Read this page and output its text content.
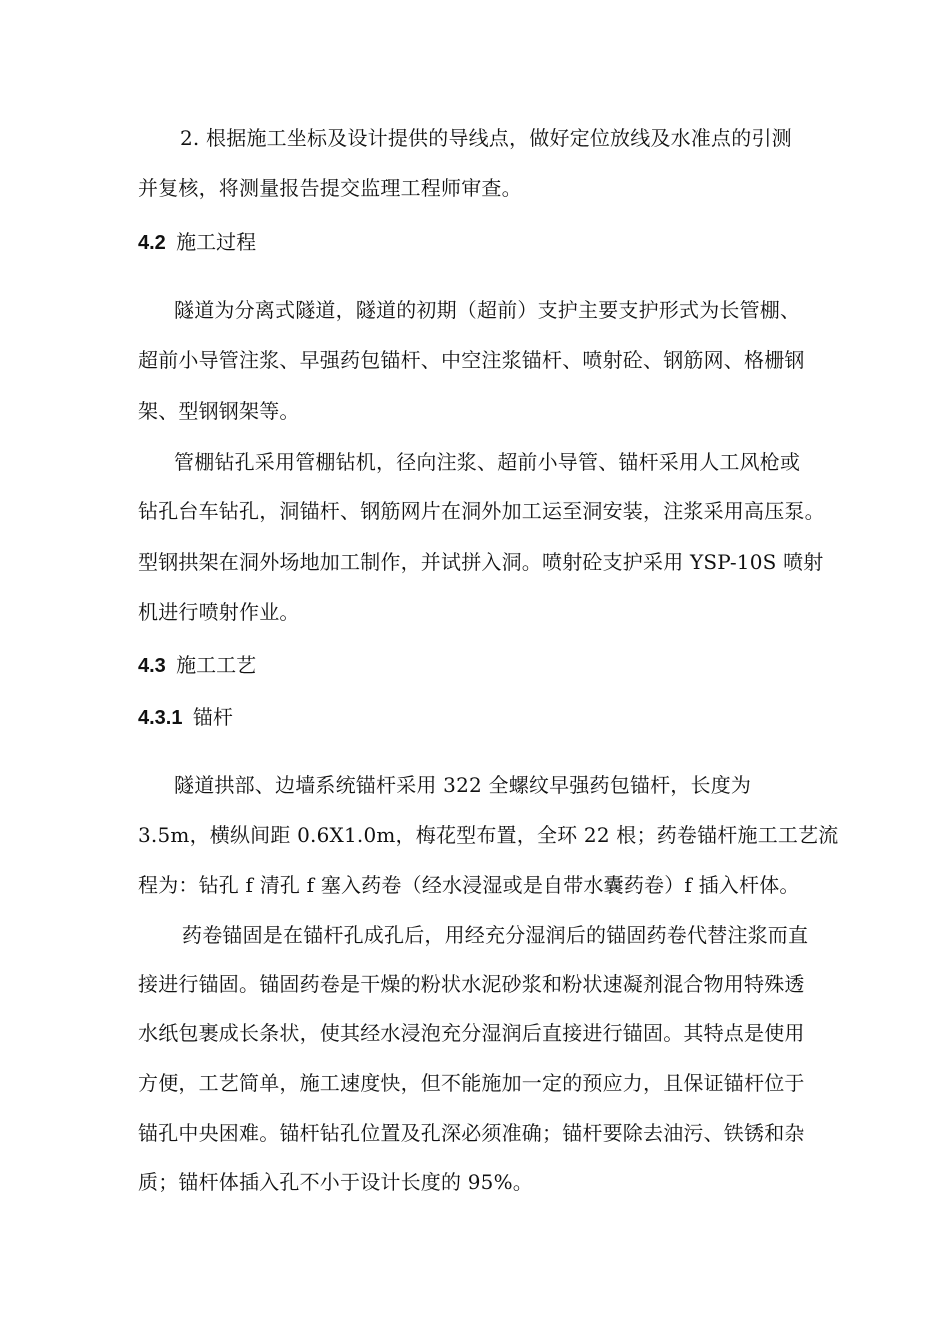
2. 根据施工坐标及设计提供的导线点，做好定位放线及水准点的引测
并复核，将测量报告提交监理工程师审查。
4.2 施工过程
隧道为分离式隧道，隧道的初期（超前）支护主要支护形式为长管棚、
超前小导管注浆、早强药包锚杆、中空注浆锚杆、喷射砼、钢筋网、格栅钢
架、型钢钢架等。
管棚钻孔采用管棚钻机，径向注浆、超前小导管、锚杆采用人工风枪或
钻孔台车钻孔，洞锚杆、钢筋网片在洞外加工运至洞安装，注浆采用高压泵。
型钢拱架在洞外场地加工制作，并试拼入洞。喷射砼支护采用 YSP-10S 喷射
机进行喷射作业。
4.3 施工工艺
4.3.1 锚杆
隧道拱部、边墙系统锚杆采用 322 全螺纹早强药包锚杆，长度为
3.5m，横纵间距 0.6X1.0m，梅花型布置，全环 22 根；药卷锚杆施工工艺流
程为：钻孔 f 清孔 f 塞入药卷（经水浸湿或是自带水囊药卷）f 插入杆体。
药卷锚固是在锚杆孔成孔后，用经充分湿润后的锚固药卷代替注浆而直
接进行锚固。锚固药卷是干燥的粉状水泥砂浆和粉状速凝剂混合物用特殊透
水纸包裹成长条状，使其经水浸泡充分湿润后直接进行锚固。其特点是使用
方便，工艺简单，施工速度快，但不能施加一定的预应力，且保证锚杆位于
锚孔中央困难。锚杆钻孔位置及孔深必须准确；锚杆要除去油污、铁锈和杂
质；锚杆体插入孔不小于设计长度的 95%。
